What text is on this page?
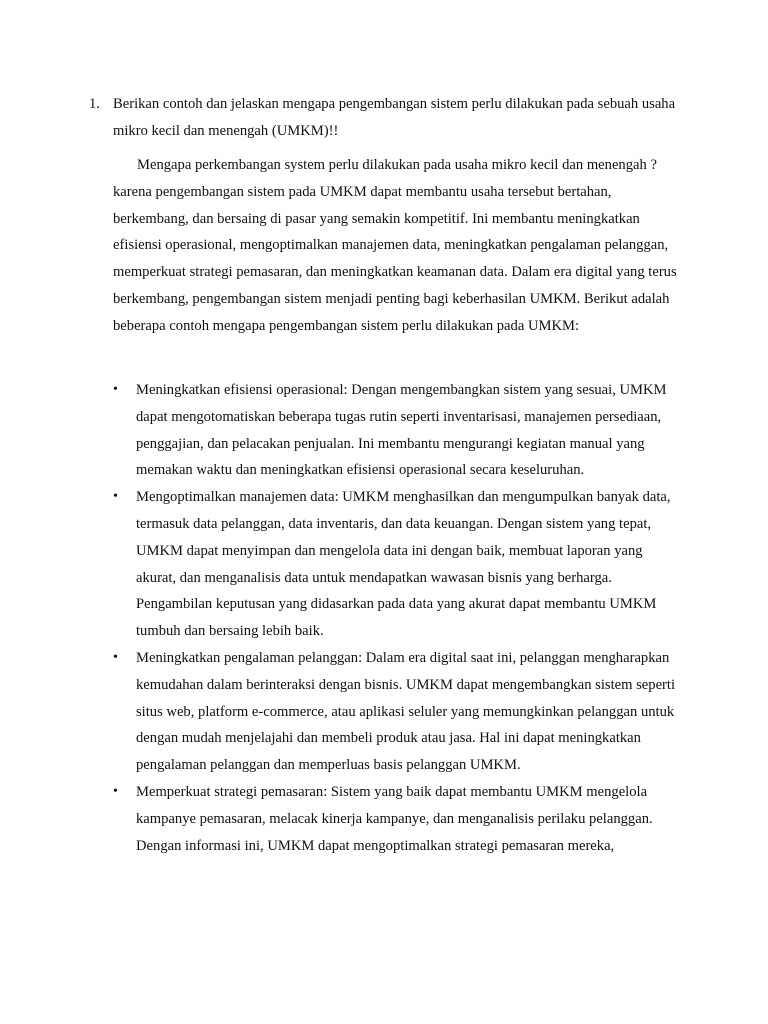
1. Berikan contoh dan jelaskan mengapa pengembangan sistem perlu dilakukan pada sebuah usaha mikro kecil dan menengah (UMKM)!!

Mengapa perkembangan system perlu dilakukan pada usaha mikro kecil dan menengah ? karena pengembangan sistem pada UMKM dapat membantu usaha tersebut bertahan, berkembang, dan bersaing di pasar yang semakin kompetitif. Ini membantu meningkatkan efisiensi operasional, mengoptimalkan manajemen data, meningkatkan pengalaman pelanggan, memperkuat strategi pemasaran, dan meningkatkan keamanan data. Dalam era digital yang terus berkembang, pengembangan sistem menjadi penting bagi keberhasilan UMKM. Berikut adalah beberapa contoh mengapa pengembangan sistem perlu dilakukan pada UMKM:

• Meningkatkan efisiensi operasional: Dengan mengembangkan sistem yang sesuai, UMKM dapat mengotomatiskan beberapa tugas rutin seperti inventarisasi, manajemen persediaan, penggajian, dan pelacakan penjualan. Ini membantu mengurangi kegiatan manual yang memakan waktu dan meningkatkan efisiensi operasional secara keseluruhan.
• Mengoptimalkan manajemen data: UMKM menghasilkan dan mengumpulkan banyak data, termasuk data pelanggan, data inventaris, dan data keuangan. Dengan sistem yang tepat, UMKM dapat menyimpan dan mengelola data ini dengan baik, membuat laporan yang akurat, dan menganalisis data untuk mendapatkan wawasan bisnis yang berharga. Pengambilan keputusan yang didasarkan pada data yang akurat dapat membantu UMKM tumbuh dan bersaing lebih baik.
• Meningkatkan pengalaman pelanggan: Dalam era digital saat ini, pelanggan mengharapkan kemudahan dalam berinteraksi dengan bisnis. UMKM dapat mengembangkan sistem seperti situs web, platform e-commerce, atau aplikasi seluler yang memungkinkan pelanggan untuk dengan mudah menjelajahi dan membeli produk atau jasa. Hal ini dapat meningkatkan pengalaman pelanggan dan memperluas basis pelanggan UMKM.
• Memperkuat strategi pemasaran: Sistem yang baik dapat membantu UMKM mengelola kampanye pemasaran, melacak kinerja kampanye, dan menganalisis perilaku pelanggan. Dengan informasi ini, UMKM dapat mengoptimalkan strategi pemasaran mereka,
